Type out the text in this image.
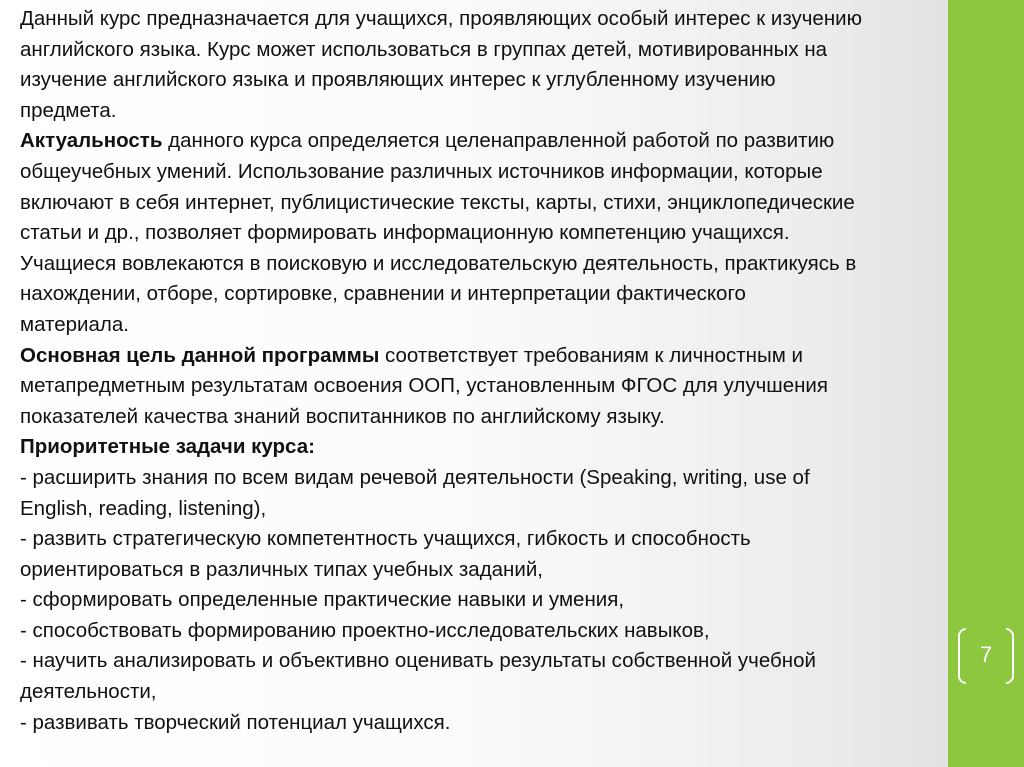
Данный курс предназначается для учащихся, проявляющих особый интерес к изучению
английского языка. Курс может использоваться в группах детей, мотивированных на
изучение английского языка и проявляющих интерес к углубленному изучению
предмета.
Актуальность данного курса определяется целенаправленной работой по развитию
общеучебных умений. Использование различных источников информации, которые
включают в себя интернет, публицистические тексты, карты, стихи, энциклопедические
статьи и др., позволяет формировать информационную компетенцию учащихся.
Учащиеся вовлекаются в поисковую и исследовательскую деятельность, практикуясь в
нахождении, отборе, сортировке, сравнении и интерпретации фактического
материала.
Основная цель данной программы соответствует требованиям к личностным и
метапредметным результатам освоения ООП, установленным ФГОС для улучшения
показателей качества знаний воспитанников по английскому языку.
Приоритетные задачи курса:
- расширить знания по всем видам речевой деятельности (Speaking, writing, use of
English, reading, listening),
- развить стратегическую компетентность учащихся, гибкость и способность
ориентироваться в различных типах учебных заданий,
- сформировать определенные практические навыки и умения,
- способствовать формированию проектно-исследовательских навыков,
- научить анализировать и объективно оценивать результаты собственной учебной
деятельности,
- развивать творческий потенциал учащихся.
7
